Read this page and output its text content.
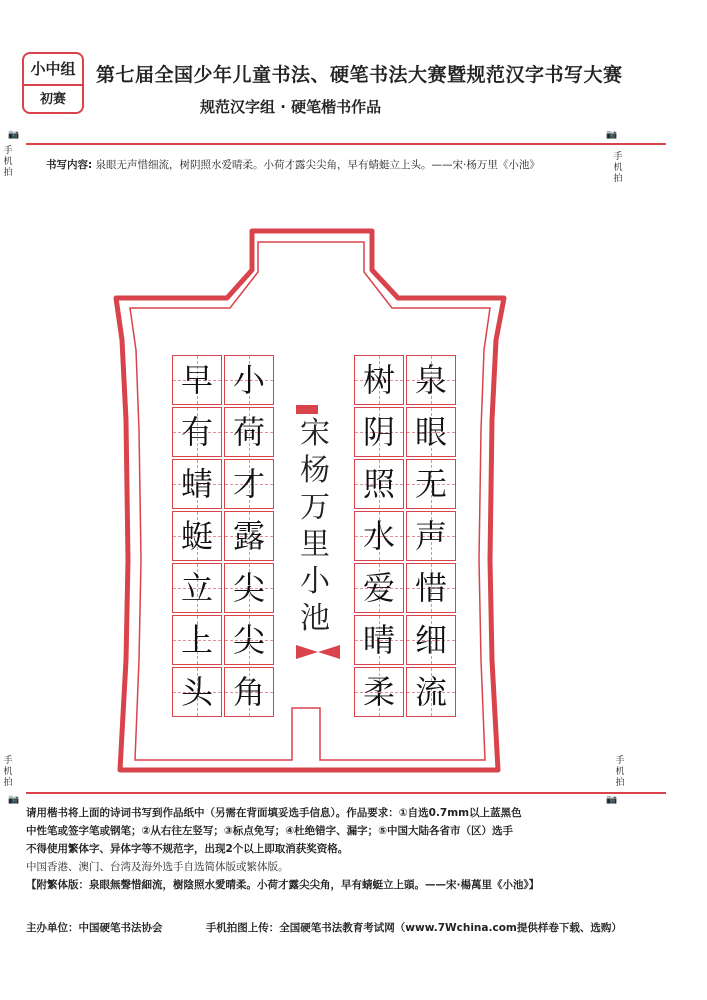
小中组
初赛
第七届全国少年儿童书法、硬笔书法大赛暨规范汉字书写大赛
规范汉字组 · 硬笔楷书作品
📷	📷
手机拍
手机拍
书写内容: 泉眼无声惜细流，树阴照水爱晴柔。小荷才露尖尖角，早有蜻蜓立上头。——宋·杨万里《小池》
宋
杨
万
里
小
池
泉
眼
无
声
惜
细
流
树
阴
照
水
爱
晴
柔
小
荷
才
露
尖
尖
角
早
有
蜻
蜓
立
上
头
手机拍
手机拍
📷	📷
请用楷书将上面的诗词书写到作品纸中（另需在背面填妥选手信息）。作品要求：①自选0.7mm以上蓝黑色
中性笔或签字笔或钢笔；②从右往左竖写；③标点免写；④杜绝错字、漏字；⑤中国大陆各省市（区）选手
不得使用繁体字、异体字等不规范字，出现2个以上即取消获奖资格。
中国香港、澳门、台湾及海外选手自选简体版或繁体版。
【附繁体版：泉眼無聲惜細流，樹陰照水愛晴柔。小荷才露尖尖角，早有蜻蜓立上頭。——宋·楊萬里《小池》】
主办单位：中国硬笔书法协会	手机拍图上传：全国硬笔书法教育考试网（www.7Wchina.com提供样卷下载、选购）
